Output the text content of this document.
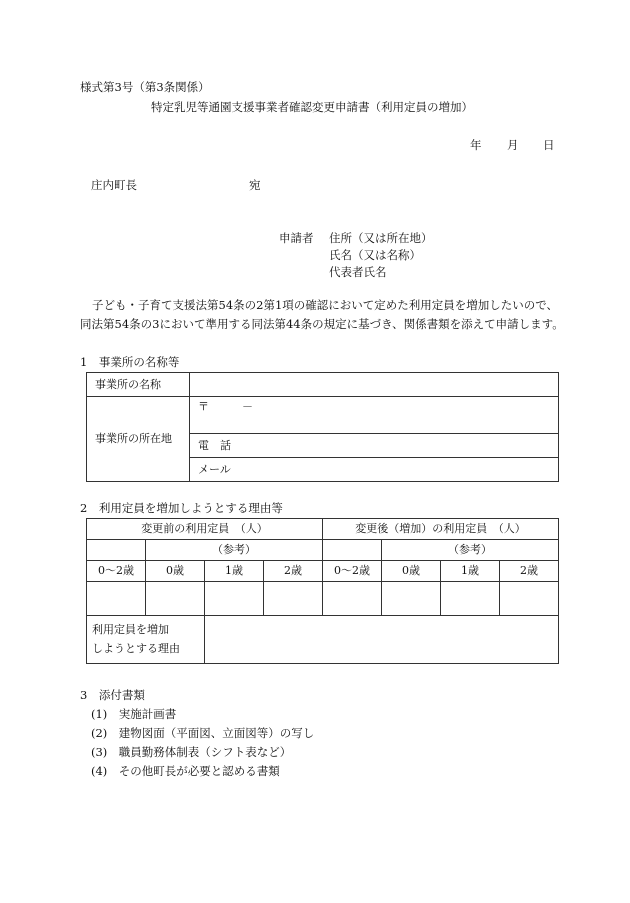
様式第3号（第3条関係）
特定乳児等通園支援事業者確認変更申請書（利用定員の増加）
年 月 日
庄内町長	宛
申請者 住所（又は所在地）
氏名（又は名称）
代表者氏名
子ども・子育て支援法第54条の2第1項の確認において定めた利用定員を増加したいので、
同法第54条の3において準用する同法第44条の規定に基づき、関係書類を添えて申請します。
1　事業所の名称等
事業所の名称	
事業所の所在地	〒　　　－
	電　話
	メール
2　利用定員を増加しようとする理由等
変更前の利用定員　（人）				変更後（増加）の利用定員　（人）			
	（参考）				（参考）		
0～2歳	0歳	1歳	2歳	0～2歳	0歳	1歳	2歳

利用定員を増加
しようとする理由							

3　添付書類
(1)　実施計画書
(2)　建物図面（平面図、立面図等）の写し
(3)　職員勤務体制表（シフト表など）
(4)　その他町長が必要と認める書類
